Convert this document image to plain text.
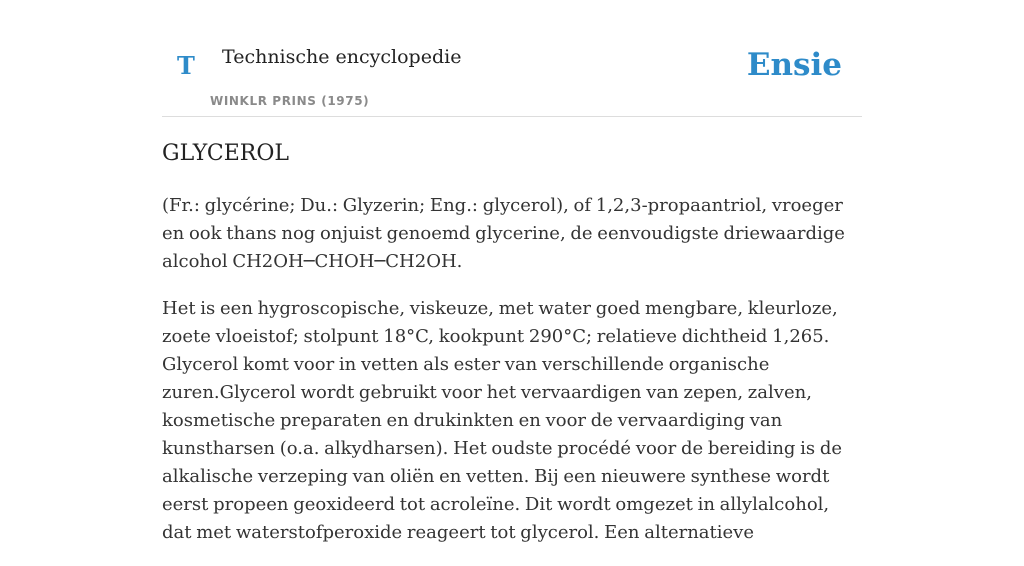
T Technische encyclopedie
WINKLR PRINS (1975)
Ensie
GLYCEROL

(Fr.: glycérine; Du.: Glyzerin; Eng.: glycerol), of 1,2,3-propaantriol, vroeger en ook thans nog onjuist genoemd glycerine, de eenvoudigste driewaardige alcohol CH2OH─CHOH─CH2OH.

Het is een hygroscopische, viskeuze, met water goed mengbare, kleurloze, zoete vloeistof; stolpunt 18°C, kookpunt 290°C; relatieve dichtheid 1,265. Glycerol komt voor in vetten als ester van verschillende organische zuren.Glycerol wordt gebruikt voor het vervaardigen van zepen, zalven, kosmetische preparaten en drukinkten en voor de vervaardiging van kunstharsen (o.a. alkydharsen). Het oudste procédé voor de bereiding is de alkalische verzeping van oliën en vetten. Bij een nieuwere synthese wordt eerst propeen geoxideerd tot acroleïne. Dit wordt omgezet in allylalcohol, dat met waterstofperoxide reageert tot glycerol. Een alternatieve
